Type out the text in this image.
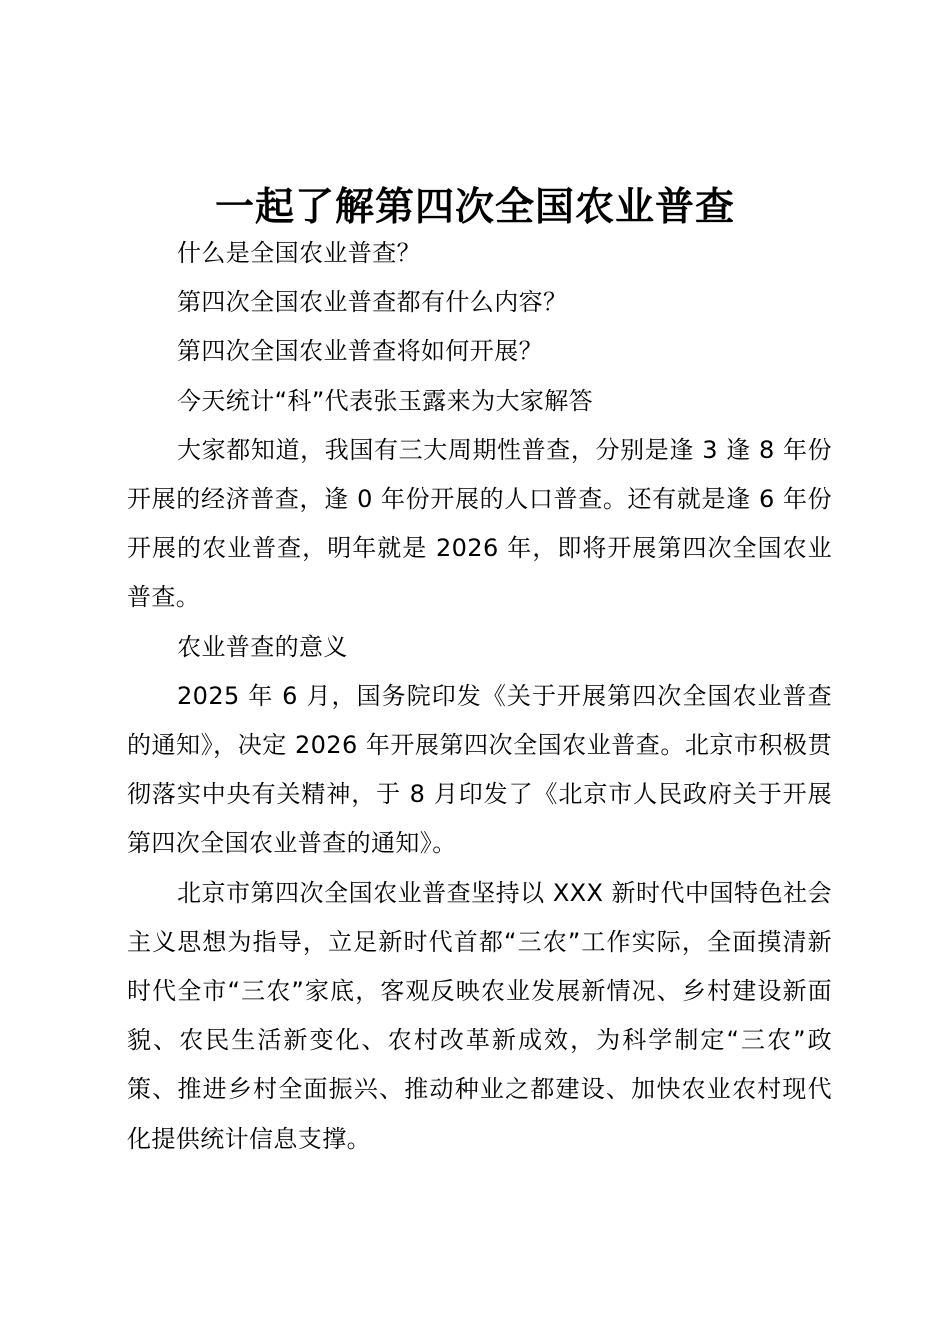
一起了解第四次全国农业普查

什么是全国农业普查？

第四次全国农业普查都有什么内容？

第四次全国农业普查将如何开展？

今天统计“科”代表张玉露来为大家解答

大家都知道，我国有三大周期性普查，分别是逢 3 逢 8 年份开展的经济普查，逢 0 年份开展的人口普查。还有就是逢 6 年份开展的农业普查，明年就是 2026 年，即将开展第四次全国农业普查。

农业普查的意义

2025 年 6 月，国务院印发《关于开展第四次全国农业普查的通知》，决定 2026 年开展第四次全国农业普查。北京市积极贯彻落实中央有关精神，于 8 月印发了《北京市人民政府关于开展第四次全国农业普查的通知》。

北京市第四次全国农业普查坚持以 XXX 新时代中国特色社会主义思想为指导，立足新时代首都“三农”工作实际，全面摸清新时代全市“三农”家底，客观反映农业发展新情况、乡村建设新面貌、农民生活新变化、农村改革新成效，为科学制定“三农”政策、推进乡村全面振兴、推动种业之都建设、加快农业农村现代化提供统计信息支撑。
